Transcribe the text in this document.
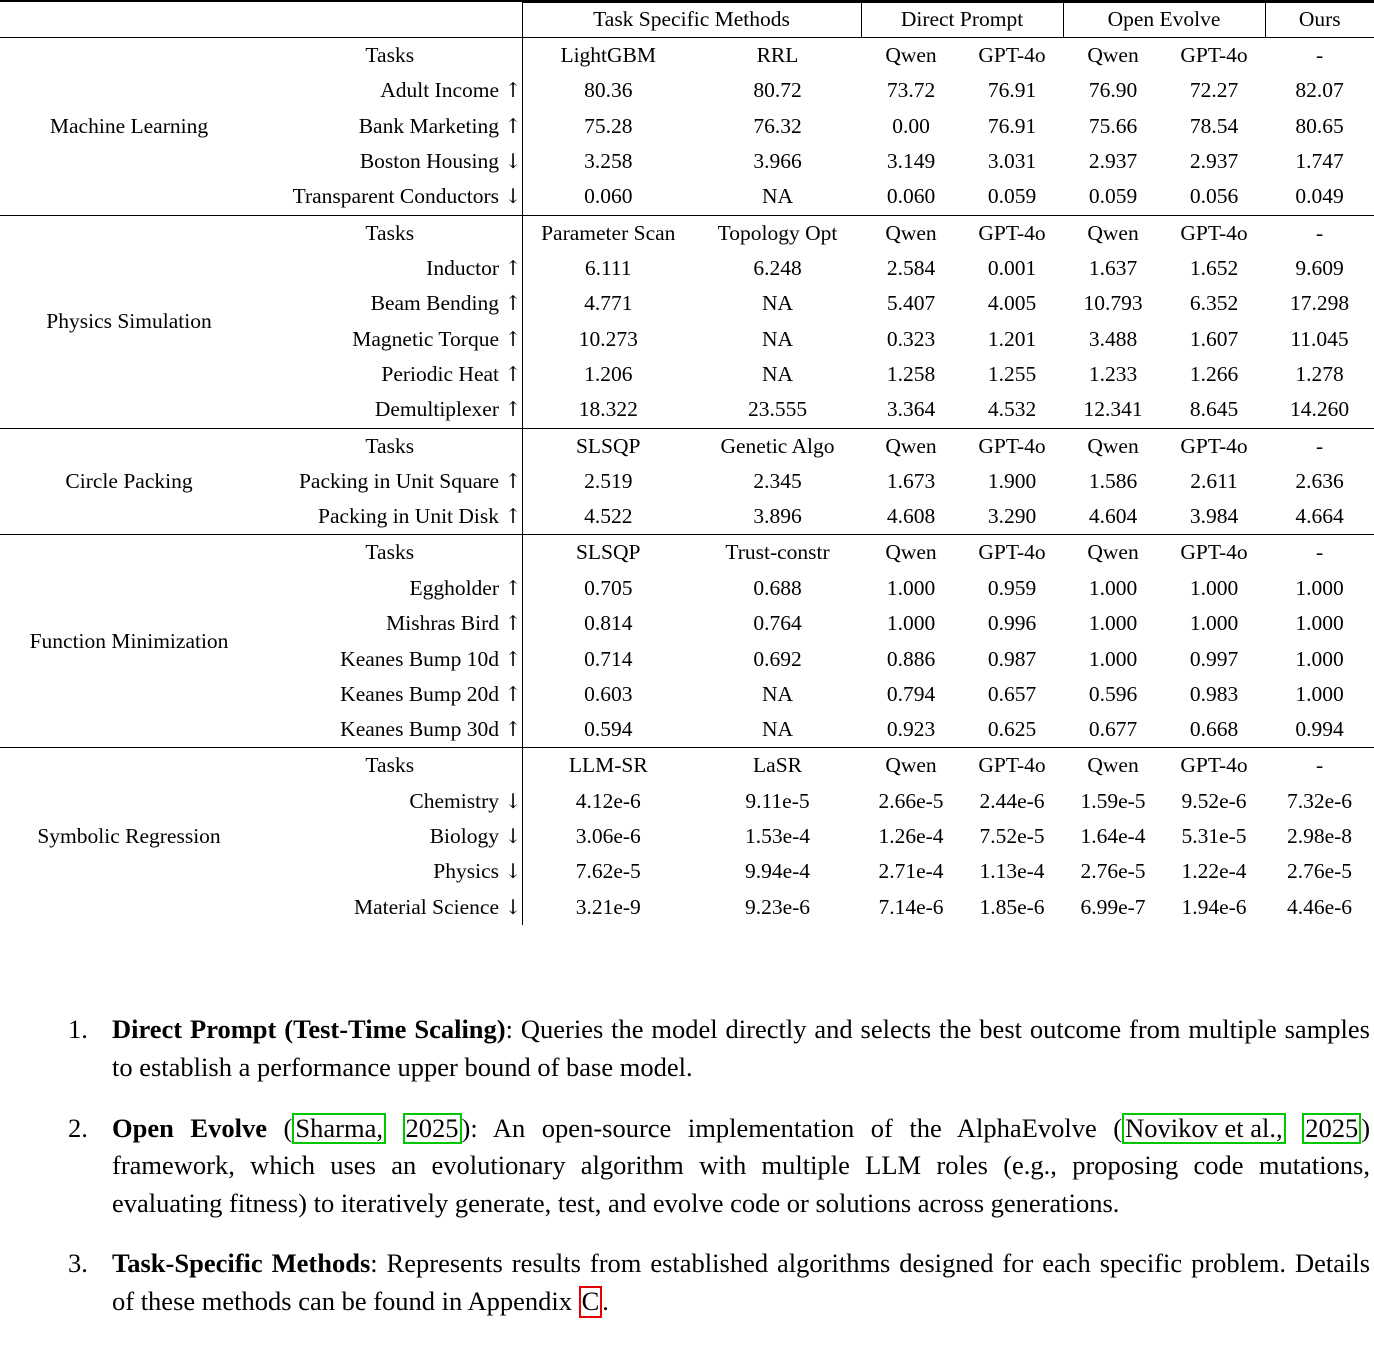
		Task Specific Methods		Direct Prompt		Open Evolve		Ours
Machine Learning	Tasks	LightGBM	RRL	Qwen	GPT-4o	Qwen	GPT-4o	-
	Adult Income ↑	80.36	80.72	73.72	76.91	76.90	72.27	82.07
	Bank Marketing ↑	75.28	76.32	0.00	76.91	75.66	78.54	80.65
	Boston Housing ↓	3.258	3.966	3.149	3.031	2.937	2.937	1.747
	Transparent Conductors ↓	0.060	NA	0.060	0.059	0.059	0.056	0.049
Physics Simulation	Tasks	Parameter Scan	Topology Opt	Qwen	GPT-4o	Qwen	GPT-4o	-
	Inductor ↑	6.111	6.248	2.584	0.001	1.637	1.652	9.609
	Beam Bending ↑	4.771	NA	5.407	4.005	10.793	6.352	17.298
	Magnetic Torque ↑	10.273	NA	0.323	1.201	3.488	1.607	11.045
	Periodic Heat ↑	1.206	NA	1.258	1.255	1.233	1.266	1.278
	Demultiplexer ↑	18.322	23.555	3.364	4.532	12.341	8.645	14.260
Circle Packing	Tasks	SLSQP	Genetic Algo	Qwen	GPT-4o	Qwen	GPT-4o	-
	Packing in Unit Square ↑	2.519	2.345	1.673	1.900	1.586	2.611	2.636
	Packing in Unit Disk ↑	4.522	3.896	4.608	3.290	4.604	3.984	4.664
Function Minimization	Tasks	SLSQP	Trust-constr	Qwen	GPT-4o	Qwen	GPT-4o	-
	Eggholder ↑	0.705	0.688	1.000	0.959	1.000	1.000	1.000
	Mishras Bird ↑	0.814	0.764	1.000	0.996	1.000	1.000	1.000
	Keanes Bump 10d ↑	0.714	0.692	0.886	0.987	1.000	0.997	1.000
	Keanes Bump 20d ↑	0.603	NA	0.794	0.657	0.596	0.983	1.000
	Keanes Bump 30d ↑	0.594	NA	0.923	0.625	0.677	0.668	0.994
Symbolic Regression	Tasks	LLM-SR	LaSR	Qwen	GPT-4o	Qwen	GPT-4o	-
	Chemistry ↓	4.12e-6	9.11e-5	2.66e-5	2.44e-6	1.59e-5	9.52e-6	7.32e-6
	Biology ↓	3.06e-6	1.53e-4	1.26e-4	7.52e-5	1.64e-4	5.31e-5	2.98e-8
	Physics ↓	7.62e-5	9.94e-4	2.71e-4	1.13e-4	2.76e-5	1.22e-4	2.76e-5
	Material Science ↓	3.21e-9	9.23e-6	7.14e-6	1.85e-6	6.99e-7	1.94e-6	4.46e-6

1. Direct Prompt (Test-Time Scaling): Queries the model directly and selects the best outcome from multiple samples to establish a performance upper bound of base model.
2. Open Evolve ( Sharma, 2025 ): An open-source implementation of the AlphaEvolve ( Novikov et al., 2025 ) framework, which uses an evolutionary algorithm with multiple LLM roles (e.g., proposing code mutations, evaluating fitness) to iteratively generate, test, and evolve code or solutions across generations.
3. Task-Specific Methods: Represents results from established algorithms designed for each specific problem. Details of these methods can be found in Appendix C .
